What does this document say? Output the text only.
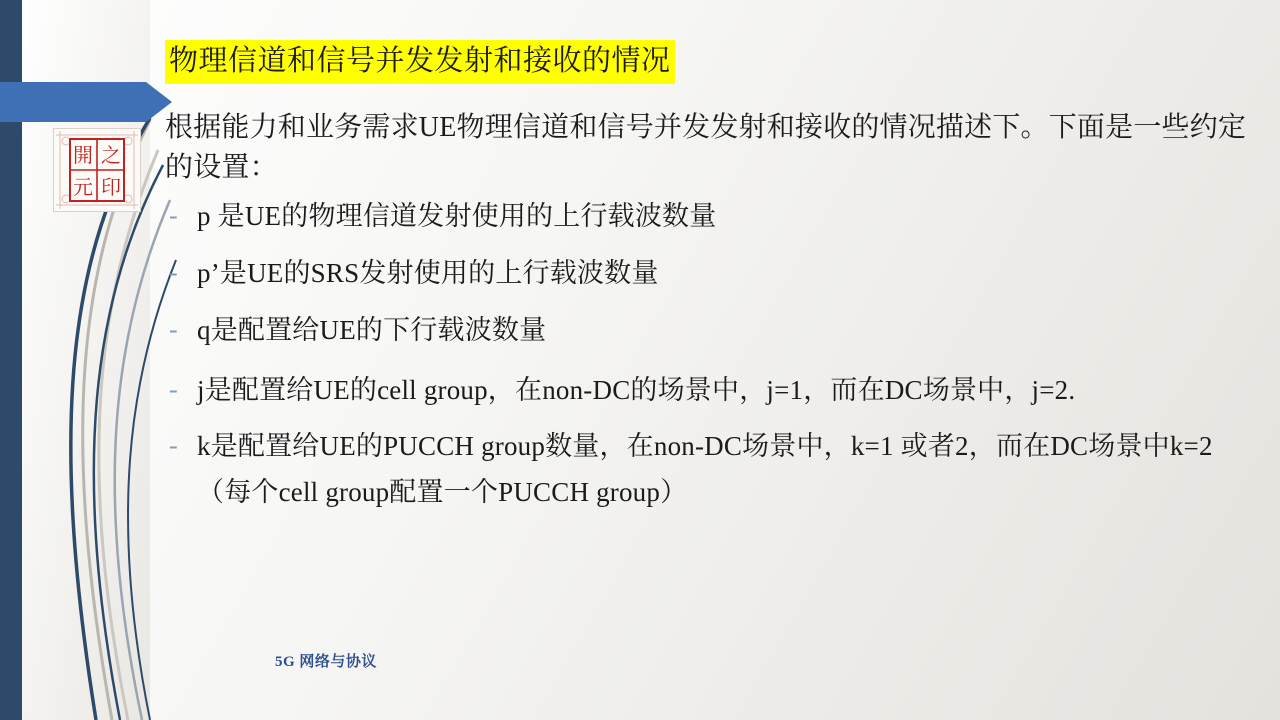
開 之
元 印
物理信道和信号并发发射和接收的情况

根据能力和业务需求UE物理信道和信号并发发射和接收的情况描述下。下面是一些约定的设置：

- p 是UE的物理信道发射使用的上行载波数量
- p’是UE的SRS发射使用的上行载波数量
- q是配置给UE的下行载波数量
- j是配置给UE的cell group，在non-DC的场景中，j=1，而在DC场景中，j=2.
- k是配置给UE的PUCCH group数量，在non-DC场景中，k=1 或者2，而在DC场景中k=2 （每个cell group配置一个PUCCH group）
5G 网络与协议
